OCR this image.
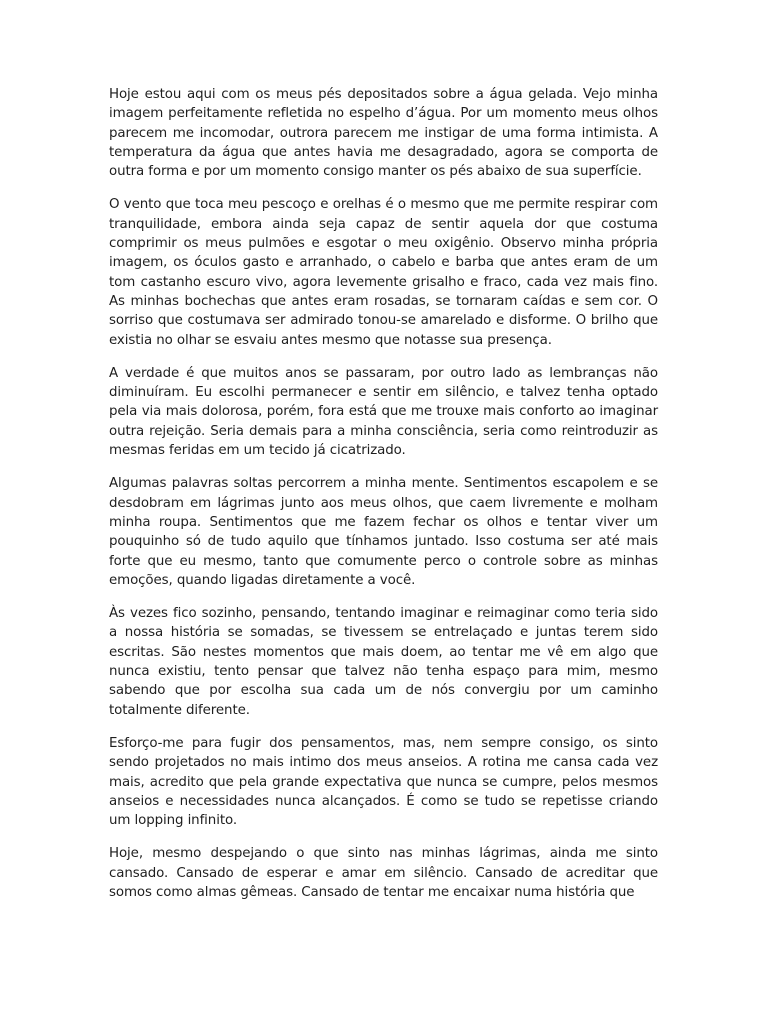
Hoje estou aqui com os meus pés depositados sobre a água gelada. Vejo minha imagem perfeitamente refletida no espelho d’água. Por um momento meus olhos parecem me incomodar, outrora parecem me instigar de uma forma intimista. A temperatura da água que antes havia me desagradado, agora se comporta de outra forma e por um momento consigo manter os pés abaixo de sua superfície.

O vento que toca meu pescoço e orelhas é o mesmo que me permite respirar com tranquilidade, embora ainda seja capaz de sentir aquela dor que costuma comprimir os meus pulmões e esgotar o meu oxigênio. Observo minha própria imagem, os óculos gasto e arranhado, o cabelo e barba que antes eram de um tom castanho escuro vivo, agora levemente grisalho e fraco, cada vez mais fino. As minhas bochechas que antes eram rosadas, se tornaram caídas e sem cor. O sorriso que costumava ser admirado tonou-se amarelado e disforme. O brilho que existia no olhar se esvaiu antes mesmo que notasse sua presença.

A verdade é que muitos anos se passaram, por outro lado as lembranças não diminuíram. Eu escolhi permanecer e sentir em silêncio, e talvez tenha optado pela via mais dolorosa, porém, fora está que me trouxe mais conforto ao imaginar outra rejeição. Seria demais para a minha consciência, seria como reintroduzir as mesmas feridas em um tecido já cicatrizado.

Algumas palavras soltas percorrem a minha mente. Sentimentos escapolem e se desdobram em lágrimas junto aos meus olhos, que caem livremente e molham minha roupa. Sentimentos que me fazem fechar os olhos e tentar viver um pouquinho só de tudo aquilo que tínhamos juntado. Isso costuma ser até mais forte que eu mesmo, tanto que comumente perco o controle sobre as minhas emoções, quando ligadas diretamente a você.

Às vezes fico sozinho, pensando, tentando imaginar e reimaginar como teria sido a nossa história se somadas, se tivessem se entrelaçado e juntas terem sido escritas. São nestes momentos que mais doem, ao tentar me vê em algo que nunca existiu, tento pensar que talvez não tenha espaço para mim, mesmo sabendo que por escolha sua cada um de nós convergiu por um caminho totalmente diferente.

Esforço-me para fugir dos pensamentos, mas, nem sempre consigo, os sinto sendo projetados no mais intimo dos meus anseios. A rotina me cansa cada vez mais, acredito que pela grande expectativa que nunca se cumpre, pelos mesmos anseios e necessidades nunca alcançados. É como se tudo se repetisse criando um lopping infinito.

Hoje, mesmo despejando o que sinto nas minhas lágrimas, ainda me sinto cansado. Cansado de esperar e amar em silêncio. Cansado de acreditar que somos como almas gêmeas. Cansado de tentar me encaixar numa história que
